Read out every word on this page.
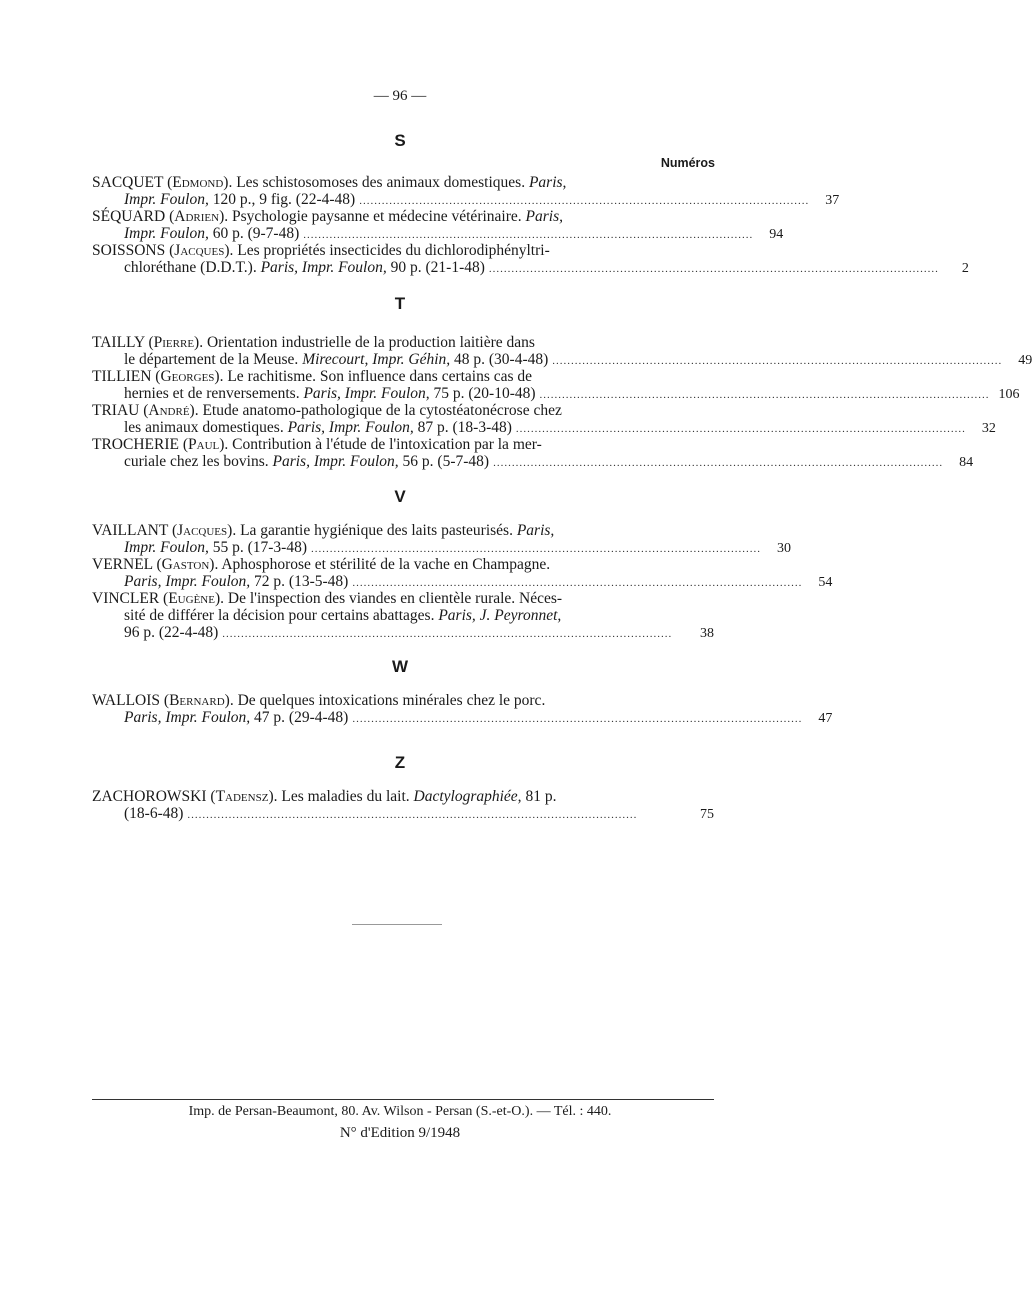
— 96 —
S
Numéros
SACQUET (Edmond). Les schistosomoses des animaux domestiques. Paris,
Impr. Foulon, 120 p., 9 fig. (22-4-48) ........................................................................................................................	37
SÉQUARD (Adrien). Psychologie paysanne et médecine vétérinaire. Paris,
Impr. Foulon, 60 p. (9-7-48) ........................................................................................................................	94
SOISSONS (Jacques). Les propriétés insecticides du dichlorodiphényltri-
chloréthane (D.D.T.). Paris, Impr. Foulon, 90 p. (21-1-48) ........................................................................................................................	2
T
TAILLY (Pierre). Orientation industrielle de la production laitière dans
le département de la Meuse. Mirecourt, Impr. Géhin, 48 p. (30-4-48) ........................................................................................................................	49
TILLIEN (Georges). Le rachitisme. Son influence dans certains cas de
hernies et de renversements. Paris, Impr. Foulon, 75 p. (20-10-48) ........................................................................................................................ 106
TRIAU (André). Etude anatomo-pathologique de la cytostéatonécrose chez
les animaux domestiques. Paris, Impr. Foulon, 87 p. (18-3-48) ........................................................................................................................	32
TROCHERIE (Paul). Contribution à l'étude de l'intoxication par la mer-
curiale chez les bovins. Paris, Impr. Foulon, 56 p. (5-7-48) ........................................................................................................................	84
V
VAILLANT (Jacques). La garantie hygiénique des laits pasteurisés. Paris,
Impr. Foulon, 55 p. (17-3-48) ........................................................................................................................	30
VERNEL (Gaston). Aphosphorose et stérilité de la vache en Champagne.
Paris, Impr. Foulon, 72 p. (13-5-48) ........................................................................................................................	54
VINCLER (Eugène). De l'inspection des viandes en clientèle rurale. Néces-
sité de différer la décision pour certains abattages. Paris, J. Peyronnet,
96 p. (22-4-48) ........................................................................................................................	38
W
WALLOIS (Bernard). De quelques intoxications minérales chez le porc.
Paris, Impr. Foulon, 47 p. (29-4-48) ........................................................................................................................	47
Z
ZACHOROWSKI (Tadensz). Les maladies du lait. Dactylographiée, 81 p.
(18-6-48) ........................................................................................................................	75
Imp. de Persan-Beaumont, 80. Av. Wilson - Persan (S.-et-O.). — Tél. : 440.
N° d'Edition 9/1948
